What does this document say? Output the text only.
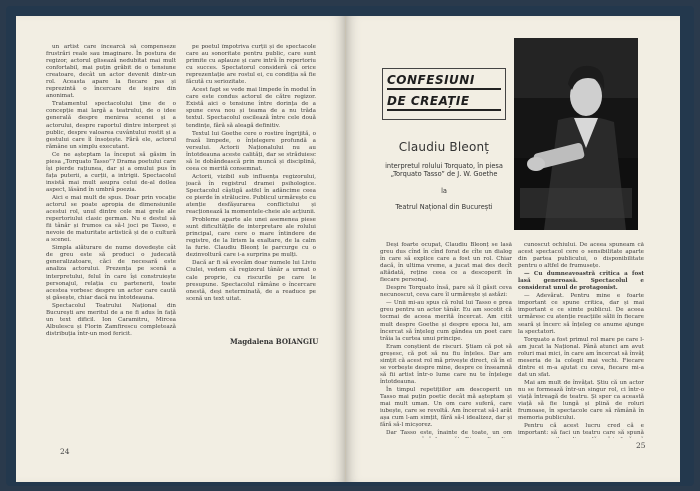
un artist care încearcă să compenseze frustrări reale sau imaginare. În postura de regizor, actorul glisează nedubitat mai mult confortabil, mai puțin grăbit de o tensiune creatoare, decât un actor devenit dintr-un rol. Aceasta apare la fiecare pas și reprezintă o încercare de ieșire din anonimat.

Tratamentul spectacolului ține de o concepție mai largă a teatrului, de o idee generală despre menirea scenei și a actorului, despre raportul dintre interpret și public, despre valoarea cuvântului rostit și a gestului care îl însoțește. Fără ele, actorul rămâne un simplu executant.

Ce ne așteptam la început să găsim în piesa „Torquato Tasso”? Drama poetului care își pierde rațiunea, dar și a omului pus în fața puterii, a curții, a intrigii. Spectacolul insistă mai mult asupra celui de-al doilea aspect, lăsând în umbră poezia.

Aici e mai mult de spus. Doar prin vocație actorul se poate apropia de dimensiunile acestui rol, unul dintre cele mai grele ale repertoriului clasic german. Nu e destul să fii tânăr și frumos ca să-l joci pe Tasso, e nevoie de maturitate artistică și de o cultură a scenei.

Simpla alăturare de nume dovedește cât de greu este să produci o judecată generalizatoare, căci de necesară este analiza actorului. Prezența pe scenă a interpretului, felul în care își construiește personajul, relația cu partenerii, toate acestea vorbesc despre un actor care caută și găsește, chiar dacă nu întotdeauna.

Spectacolul Teatrului Național din București are meritul de a ne fi adus în față un text dificil. Ion Caramitru, Mircea Albulescu și Florin Zamfirescu completează distribuția într-un mod fericit.

pe poetul împotriva curții și de spectacole care au sonoritate pentru public, care sunt primite cu aplauze și care intră în repertoriu cu succes. Spectatorul consideră că orice reprezentație are rostul ei, cu condiția să fie făcută cu seriozitate.

Acest fapt se vede mai limpede în modul în care este condus actorul de către regizor. Există aici o tensiune între dorința de a spune ceva nou și teama de a nu trăda textul. Spectacolul oscilează între cele două tendințe, fără să aleagă definitiv.

Textul lui Goethe cere o rostire îngrijită, o frază limpede, o înțelegere profundă a versului. Actorii Naționalului nu au întotdeauna aceste calități, dar se străduiesc să le dobândească prin muncă și disciplină, ceea ce merită consemnat.

Actorii, vizibil sub influența regizorului, joacă în registrul dramei psihologice. Spectacolul câștigă astfel în adâncime ceea ce pierde în strălucire. Publicul urmărește cu atenție desfășurarea conflictului și reacționează la momentele-cheie ale acțiunii.

Probleme aparte ale unei asemenea piese sunt dificultățile de interpretare ale rolului principal, care cere o mare întindere de registre, de la lirism la exaltare, de la calm la furie. Claudiu Bleonț le parcurge cu o dezinvoltură care i-a surprins pe mulți.

Dacă ar fi să evocăm doar numele lui Liviu Ciulei, vedem că regizorul tânăr a urmat o cale proprie, cu riscurile pe care le presupune. Spectacolul rămâne o încercare onestă, deși neterminată, de a readuce pe scenă un text uitat.

Magdalena BOIANGIU
24
CONFESIUNI
DE CREAȚIE
Claudiu Bleonț
interpretul rolului Torquato, în piesa „Torquato Tasso” de J. W. Goethe
la
Teatrul Național din București

Deși foarte ocupat, Claudiu Bleonț se lasă greu dus cînd în cînd forat de cîte un dialog în care să explice care a fost un rol. Chiar dacă, în ultima vreme, a jucat mai des decît altădată, reține ceea ce a descoperit în fiecare personaj.

Despre Torquato însă, pare să îl găsit ceva necunoscut, ceva care îl urmărește și astăzi:

— Unii mi-au spus că rolul lui Tasso e prea greu pentru un actor tânăr. Eu am socotit că tocmai de aceea merită încercat. Am citit mult despre Goethe și despre epoca lui, am încercat să înțeleg cum gândea un poet care trăia la curtea unui principe.

Eram conștient de riscuri. Știam că pot să greșesc, că pot să nu fiu înțeles. Dar am simțit că acest rol mă privește direct, că în el se vorbește despre mine, despre ce înseamnă să fii artist într-o lume care nu te înțelege întotdeauna.

În timpul repetițiilor am descoperit un Tasso mai puțin poetic decât mă așteptam și mai mult uman. Un om care suferă, care iubește, care se revoltă. Am încercat să-l arăt așa cum l-am simțit, fără să-l idealizez, dar și fără să-l micșorez.

Dar Tasso este, înainte de toate, un om

cunoscut ochiului. De aceea spuneam că acest spectacol cere o sensibilitate aparte din partea publicului, o disponibilitate pentru o altfel de frumusețe.

— Cu dumneavoastră critica a fost lasă generoasă. Spectacolul e considerat unul de protagonist.

— Adevărat. Pentru mine e foarte important ce spune critica, dar și mai important e ce simte publicul. De aceea urmăresc cu atenție reacțiile sălii în fiecare seară și încerc să înțeleg ce anume ajunge la spectatori.

Torquato a fost primul rol mare pe care l-am jucat la Național. Până atunci am avut roluri mai mici, în care am încercat să învăț meseria de la colegii mai vechi. Fiecare dintre ei m-a ajutat cu ceva, fiecare mi-a dat un sfat.

Mai am mult de învățat. Știu că un actor nu se formează într-un singur rol, ci într-o viață întreagă de teatru. Și sper ca această viață să fie lungă și plină de roluri frumoase, în spectacole care să rămână în memoria publicului.

Pentru că acest lucru cred că e important: să faci un teatru care să spună

25
